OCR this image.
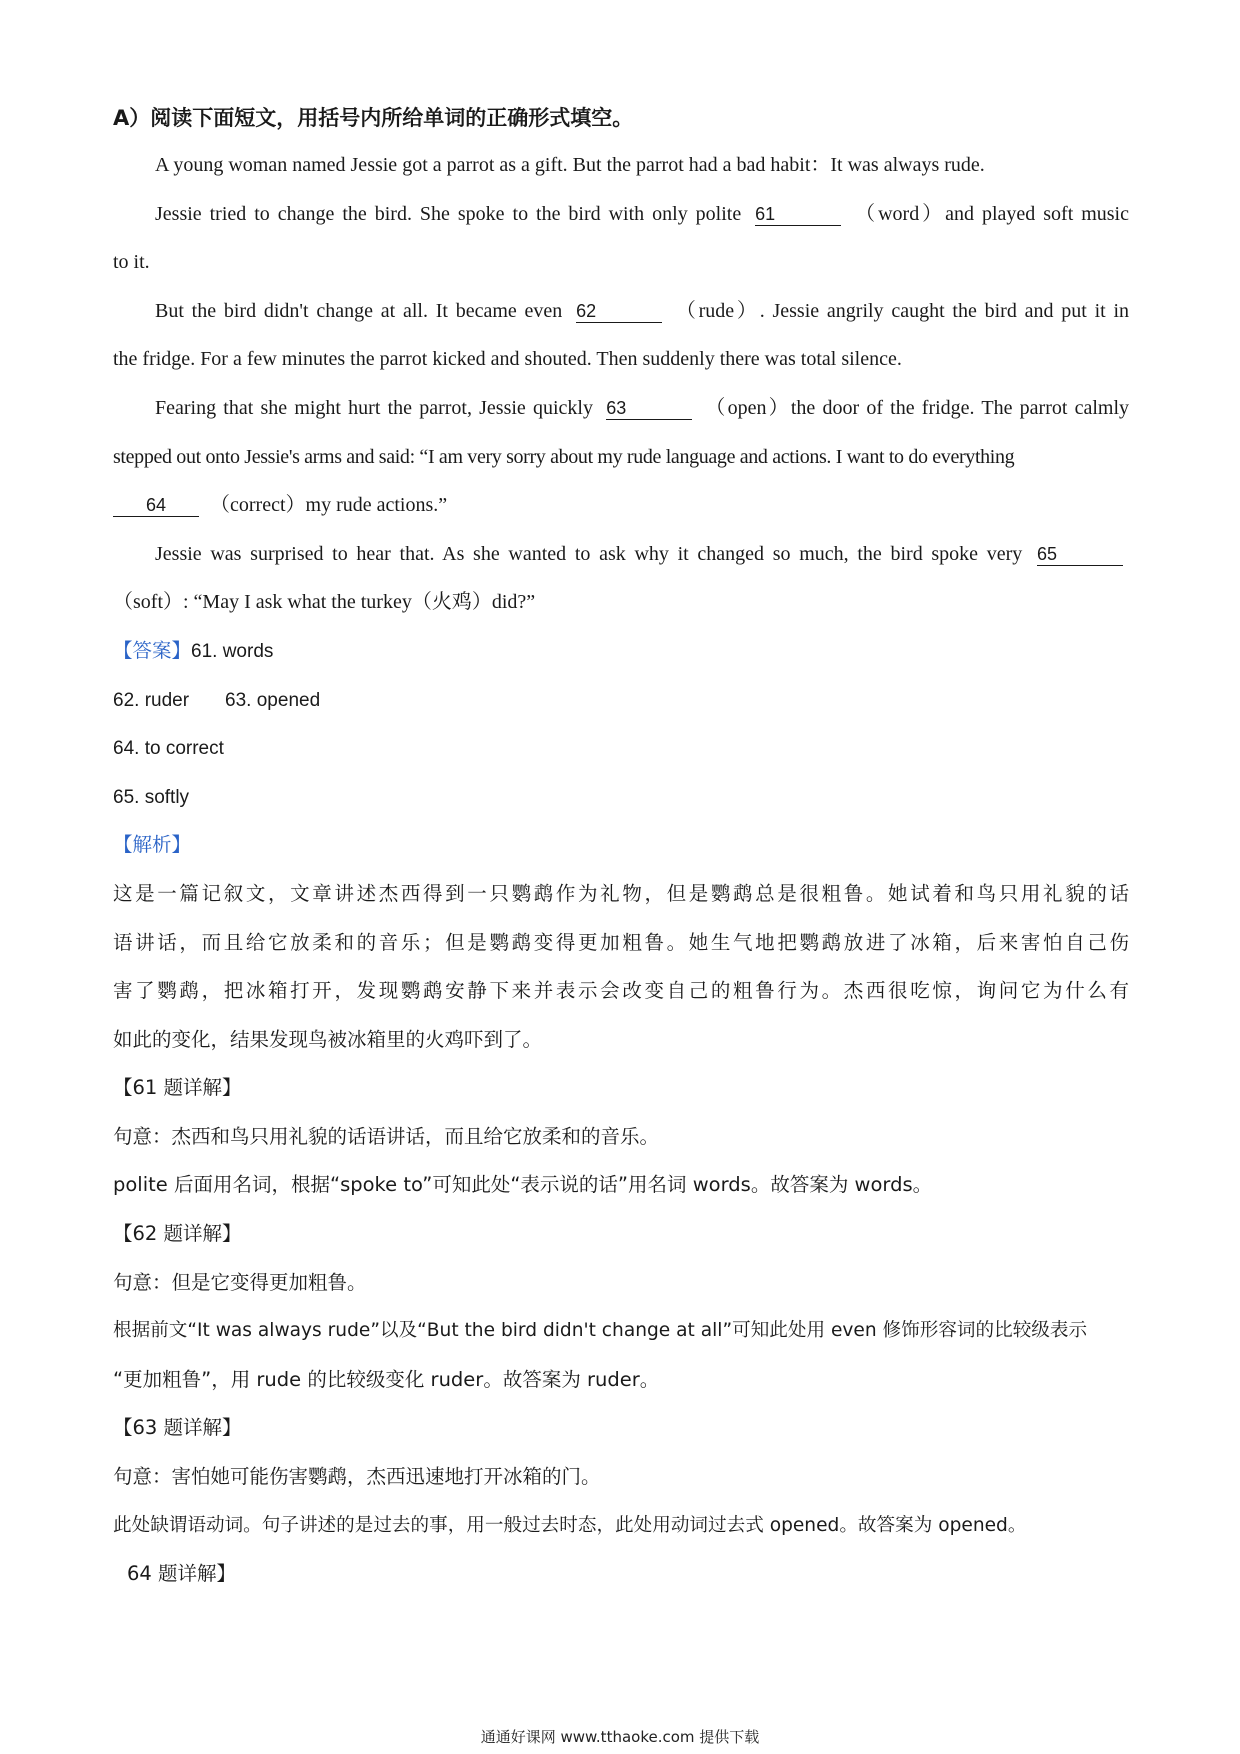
A）阅读下面短文，用括号内所给单词的正确形式填空。
A young woman named Jessie got a parrot as a gift. But the parrot had a bad habit：It was always rude.
Jessie tried to change the bird. She spoke to the bird with only polite 61	（word）and played soft music
to it.
But the bird didn't change at all. It became even 62	（rude）. Jessie angrily caught the bird and put it in
the fridge. For a few minutes the parrot kicked and shouted. Then suddenly there was total silence.
Fearing that she might hurt the parrot, Jessie quickly 63	（open）the door of the fridge. The parrot calmly
stepped out onto Jessie's arms and said: “I am very sorry about my rude language and actions. I want to do everything
64 （correct）my rude actions.”
Jessie was surprised to hear that. As she wanted to ask why it changed so much, the bird spoke very 65
（soft）: “May I ask what the turkey（火鸡）did?”
【答案】61. words
62. ruder 63. opened
64. to correct
65. softly
【解析】
这是一篇记叙文，文章讲述杰西得到一只鹦鹉作为礼物，但是鹦鹉总是很粗鲁。她试着和鸟只用礼貌的话
语讲话，而且给它放柔和的音乐；但是鹦鹉变得更加粗鲁。她生气地把鹦鹉放进了冰箱，后来害怕自己伤
害了鹦鹉，把冰箱打开，发现鹦鹉安静下来并表示会改变自己的粗鲁行为。杰西很吃惊，询问它为什么有
如此的变化，结果发现鸟被冰箱里的火鸡吓到了。
【61 题详解】
句意：杰西和鸟只用礼貌的话语讲话，而且给它放柔和的音乐。
polite 后面用名词，根据“spoke to”可知此处“表示说的话”用名词 words。故答案为 words。
【62 题详解】
句意：但是它变得更加粗鲁。
根据前文“It was always rude”以及“But the bird didn't change at all”可知此处用 even 修饰形容词的比较级表示
“更加粗鲁”，用 rude 的比较级变化 ruder。故答案为 ruder。
【63 题详解】
句意：害怕她可能伤害鹦鹉，杰西迅速地打开冰箱的门。
此处缺谓语动词。句子讲述的是过去的事，用一般过去时态，此处用动词过去式 opened。故答案为 opened。
64 题详解】
通通好课网 www.tthaoke.com 提供下载
